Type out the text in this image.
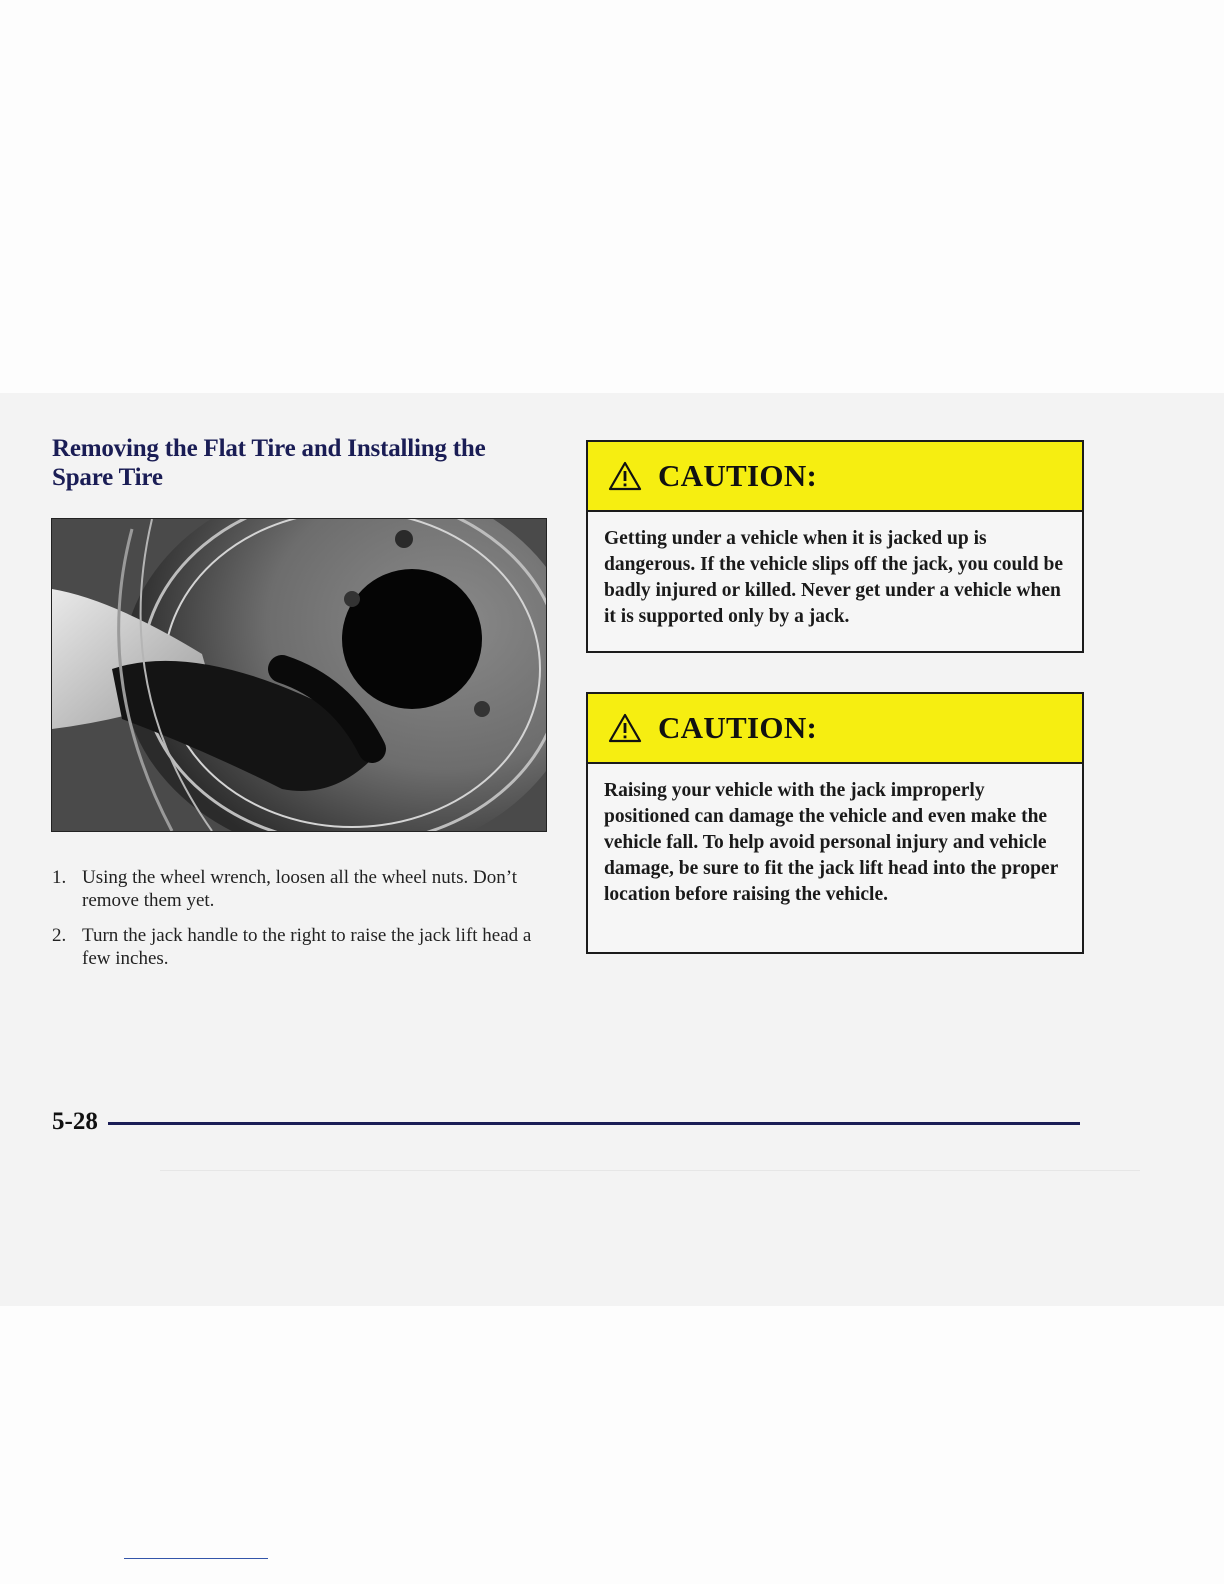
Removing the Flat Tire and Installing the Spare Tire
1. Using the wheel wrench, loosen all the wheel nuts. Don’t remove them yet.
2. Turn the jack handle to the right to raise the jack lift head a few inches.
CAUTION:
Getting under a vehicle when it is jacked up is dangerous. If the vehicle slips off the jack, you could be badly injured or killed. Never get under a vehicle when it is supported only by a jack.
CAUTION:
Raising your vehicle with the jack improperly positioned can damage the vehicle and even make the vehicle fall. To help avoid personal injury and vehicle damage, be sure to fit the jack lift head into the proper location before raising the vehicle.
5-28
